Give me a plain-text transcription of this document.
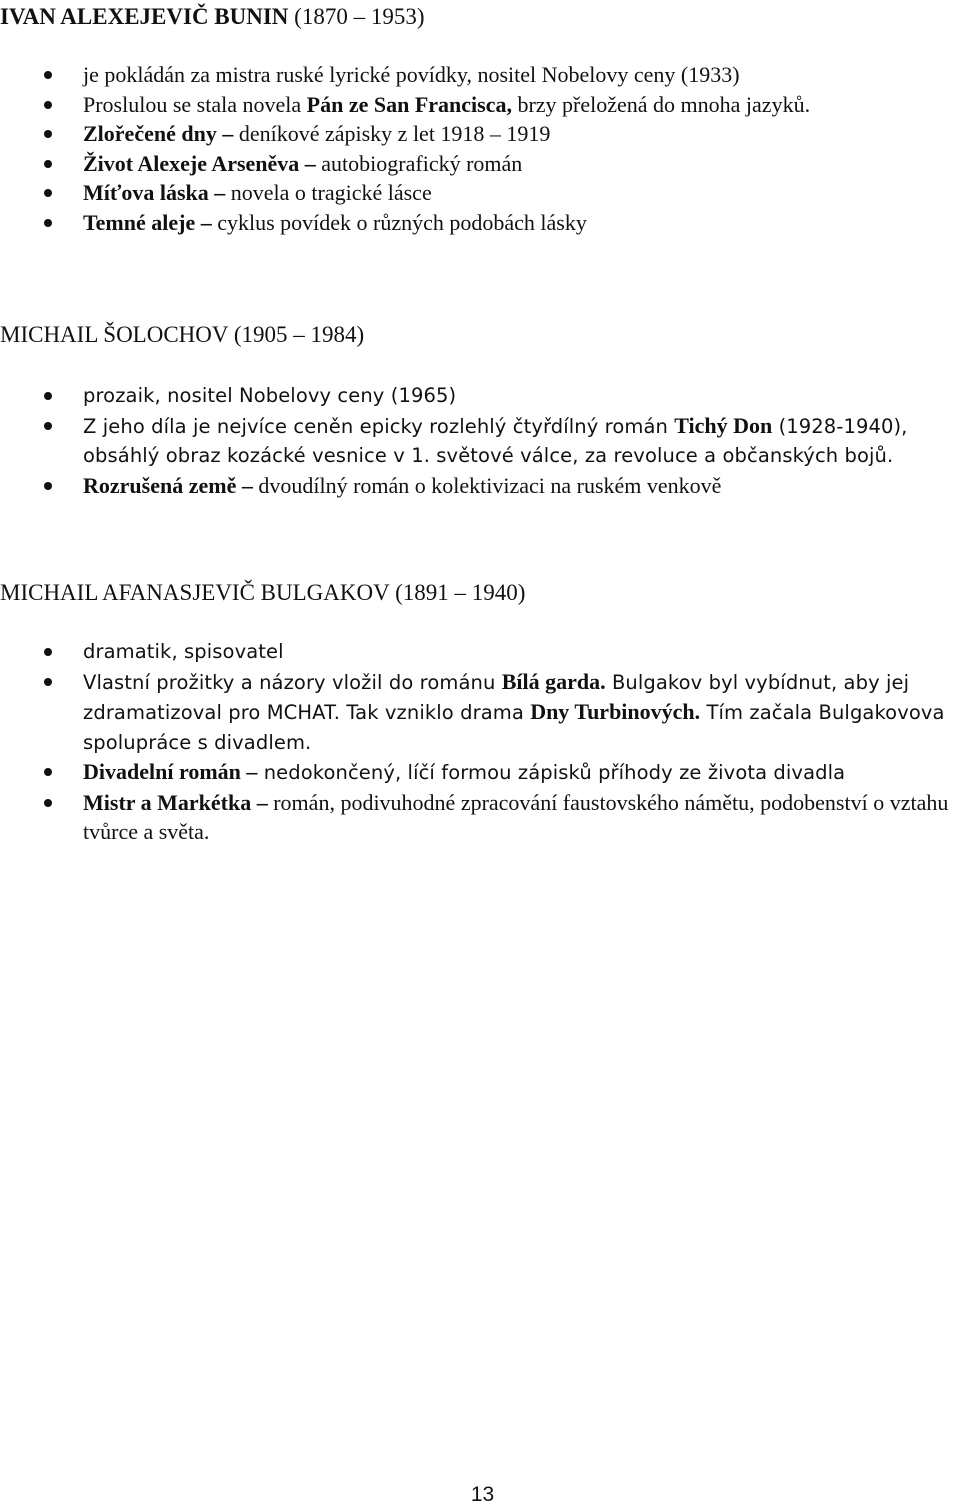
IVAN ALEXEJEVIČ BUNIN (1870 – 1953)
je pokládán za mistra ruské lyrické povídky, nositel Nobelovy ceny (1933)
Proslulou se stala novela Pán ze San Francisca, brzy přeložená do mnoha jazyků.
Zlořečené dny – deníkové zápisky z let 1918 – 1919
Život Alexeje Arseněva – autobiografický román
Míťova láska – novela o tragické lásce
Temné aleje – cyklus povídek o různých podobách lásky
MICHAIL ŠOLOCHOV (1905 – 1984)
prozaik, nositel Nobelovy ceny (1965)
Z jeho díla je nejvíce ceněn epicky rozlehlý čtyřdílný román Tichý Don (1928-1940), obsáhlý obraz kozácké vesnice v 1. světové válce, za revoluce a občanských bojů.
Rozrušená země – dvoudílný román o kolektivizaci na ruském venkově
MICHAIL AFANASJEVIČ BULGAKOV (1891 – 1940)
dramatik, spisovatel
Vlastní prožitky a názory vložil do románu Bílá garda. Bulgakov byl vybídnut, aby jej zdramatizoval pro MCHAT. Tak vzniklo drama Dny Turbinových. Tím začala Bulgakovova spolupráce s divadlem.
Divadelní román – nedokončený, líčí formou zápisků příhody ze života divadla
Mistr a Markétka – román, podivuhodné zpracování faustovského námětu, podobenství o vztahu tvůrce a světa.
13
